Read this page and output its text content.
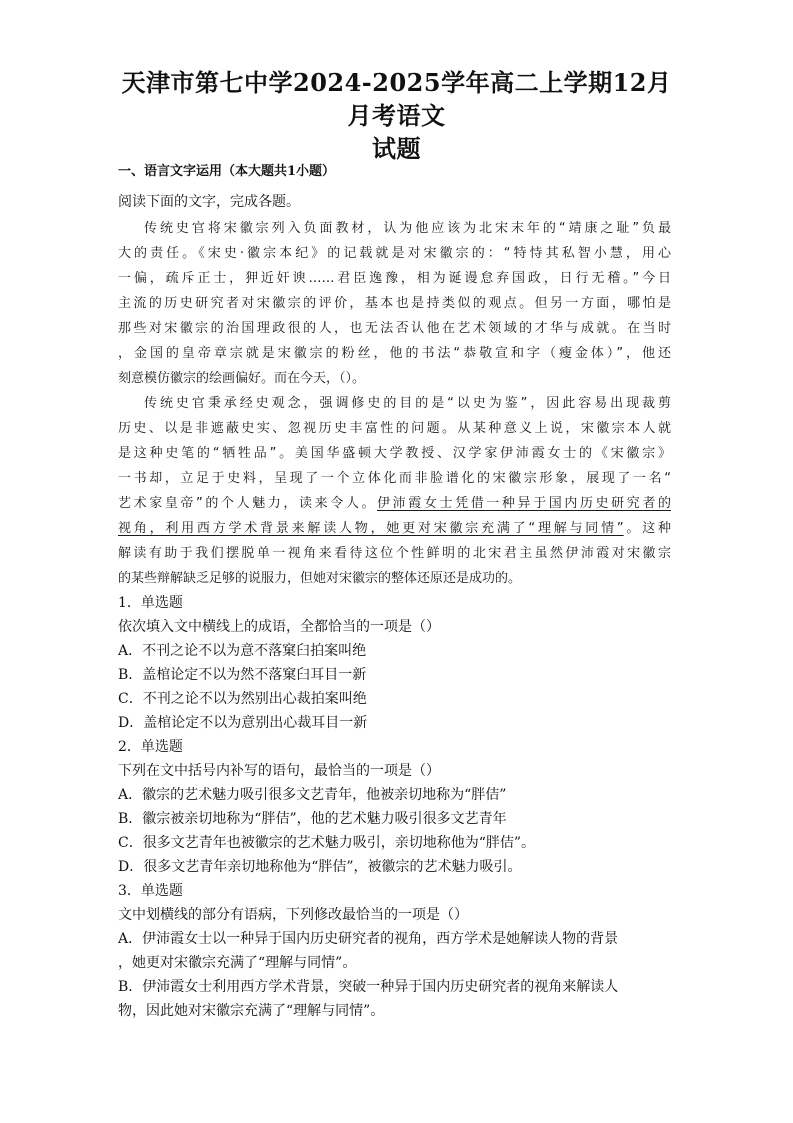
天津市第七中学2024-2025学年高二上学期12月月考语文
试题
一、语言文字运用（本大题共1小题）
阅读下面的文字，完成各题。
传统史官将宋徽宗列入负面教材，认为他应该为北宋末年的“靖康之耻”负最
大的责任。《宋史·徽宗本纪》的记载就是对宋徽宗的：“特恃其私智小慧，用心
一偏，疏斥正士，狎近奸谀……君臣逸豫，相为诞谩怠弃国政，日行无稽。”今日
主流的历史研究者对宋徽宗的评价，基本也是持类似的观点。但另一方面，哪怕是
那些对宋徽宗的治国理政很的人，也无法否认他在艺术领域的才华与成就。在当时
，金国的皇帝章宗就是宋徽宗的粉丝，他的书法“恭敬宣和字（瘦金体）”，他还
刻意模仿徽宗的绘画偏好。而在今天，（）。
传统史官秉承经史观念，强调修史的目的是“以史为鉴”，因此容易出现裁剪
历史、以是非遮蔽史实、忽视历史丰富性的问题。从某种意义上说，宋徽宗本人就
是这种史笔的“牺牲品”。美国华盛顿大学教授、汉学家伊沛霞女士的《宋徽宗》
一书却，立足于史料，呈现了一个立体化而非脸谱化的宋徽宗形象，展现了一名“
艺术家皇帝”的个人魅力，读来令人。伊沛霞女士凭借一种异于国内历史研究者的
视角，利用西方学术背景来解读人物，她更对宋徽宗充满了“理解与同情”。这种
解读有助于我们摆脱单一视角来看待这位个性鲜明的北宋君主虽然伊沛霞对宋徽宗
的某些辩解缺乏足够的说服力，但她对宋徽宗的整体还原还是成功的。
1．单选题
依次填入文中横线上的成语，全都恰当的一项是（）
A．不刊之论不以为意不落窠臼拍案叫绝
B．盖棺论定不以为然不落窠臼耳目一新
C．不刊之论不以为然别出心裁拍案叫绝
D．盖棺论定不以为意别出心裁耳目一新
2．单选题
下列在文中括号内补写的语句，最恰当的一项是（）
A．徽宗的艺术魅力吸引很多文艺青年，他被亲切地称为“胖佶”
B．徽宗被亲切地称为“胖佶”，他的艺术魅力吸引很多文艺青年
C．很多文艺青年也被徽宗的艺术魅力吸引，亲切地称他为“胖佶”。
D．很多文艺青年亲切地称他为“胖佶”，被徽宗的艺术魅力吸引。
3．单选题
文中划横线的部分有语病，下列修改最恰当的一项是（）
A．伊沛霞女士以一种异于国内历史研究者的视角，西方学术是她解读人物的背景
，她更对宋徽宗充满了“理解与同情”。
B．伊沛霞女士利用西方学术背景，突破一种异于国内历史研究者的视角来解读人
物，因此她对宋徽宗充满了“理解与同情”。
